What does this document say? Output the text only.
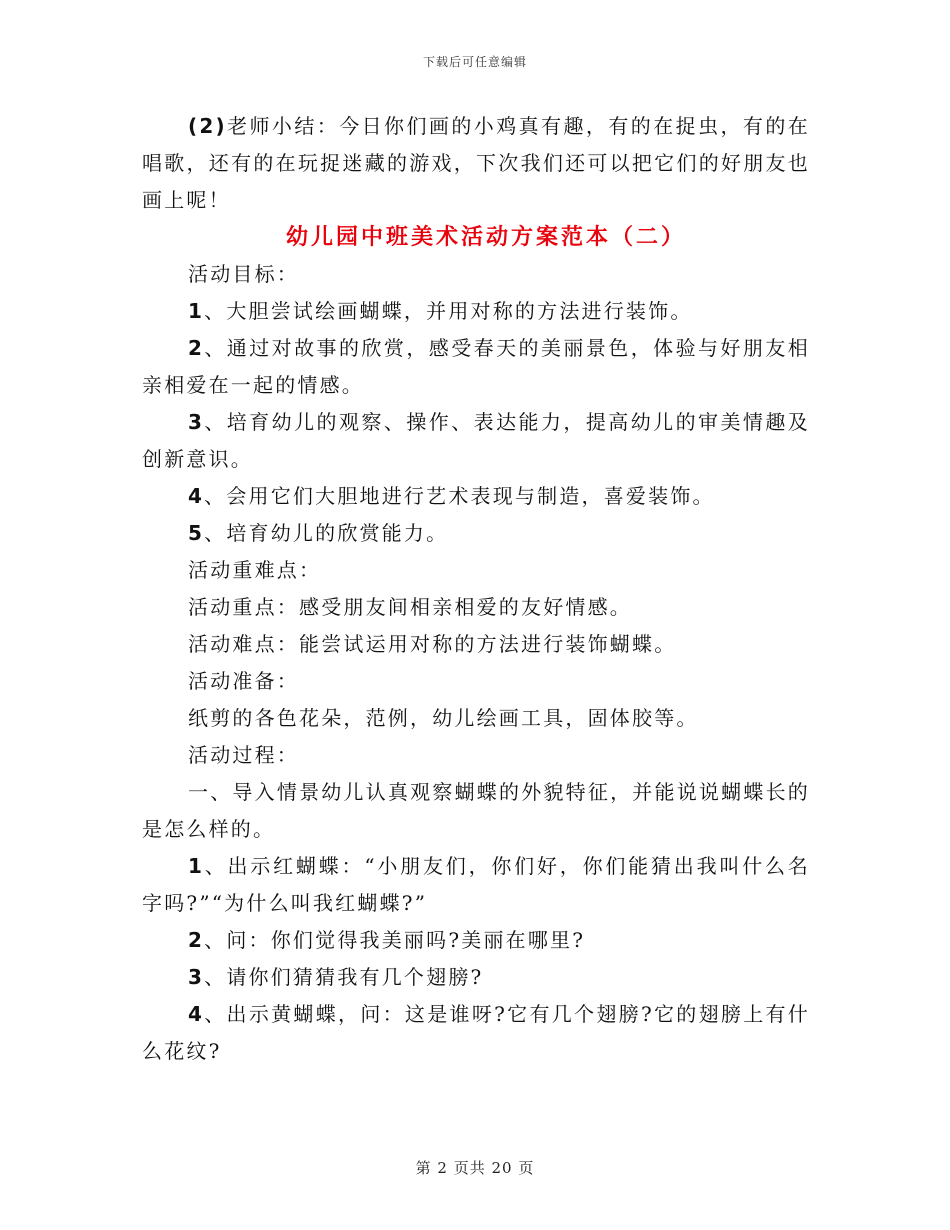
下载后可任意编辑

(2)老师小结：今日你们画的小鸡真有趣，有的在捉虫，有的在唱歌，还有的在玩捉迷藏的游戏，下次我们还可以把它们的好朋友也画上呢！

幼儿园中班美术活动方案范本（二）

活动目标：

1、大胆尝试绘画蝴蝶，并用对称的方法进行装饰。

2、通过对故事的欣赏，感受春天的美丽景色，体验与好朋友相亲相爱在一起的情感。

3、培育幼儿的观察、操作、表达能力，提高幼儿的审美情趣及创新意识。

4、会用它们大胆地进行艺术表现与制造，喜爱装饰。

5、培育幼儿的欣赏能力。

活动重难点：

活动重点：感受朋友间相亲相爱的友好情感。

活动难点：能尝试运用对称的方法进行装饰蝴蝶。

活动准备：

纸剪的各色花朵，范例，幼儿绘画工具，固体胶等。

活动过程：

一、导入情景幼儿认真观察蝴蝶的外貌特征，并能说说蝴蝶长的是怎么样的。

1、出示红蝴蝶：“小朋友们，你们好，你们能猜出我叫什么名字吗?”“为什么叫我红蝴蝶?”

2、问：你们觉得我美丽吗?美丽在哪里?

3、请你们猜猜我有几个翅膀?

4、出示黄蝴蝶，问：这是谁呀?它有几个翅膀?它的翅膀上有什么花纹?

第 2 页共 20 页
